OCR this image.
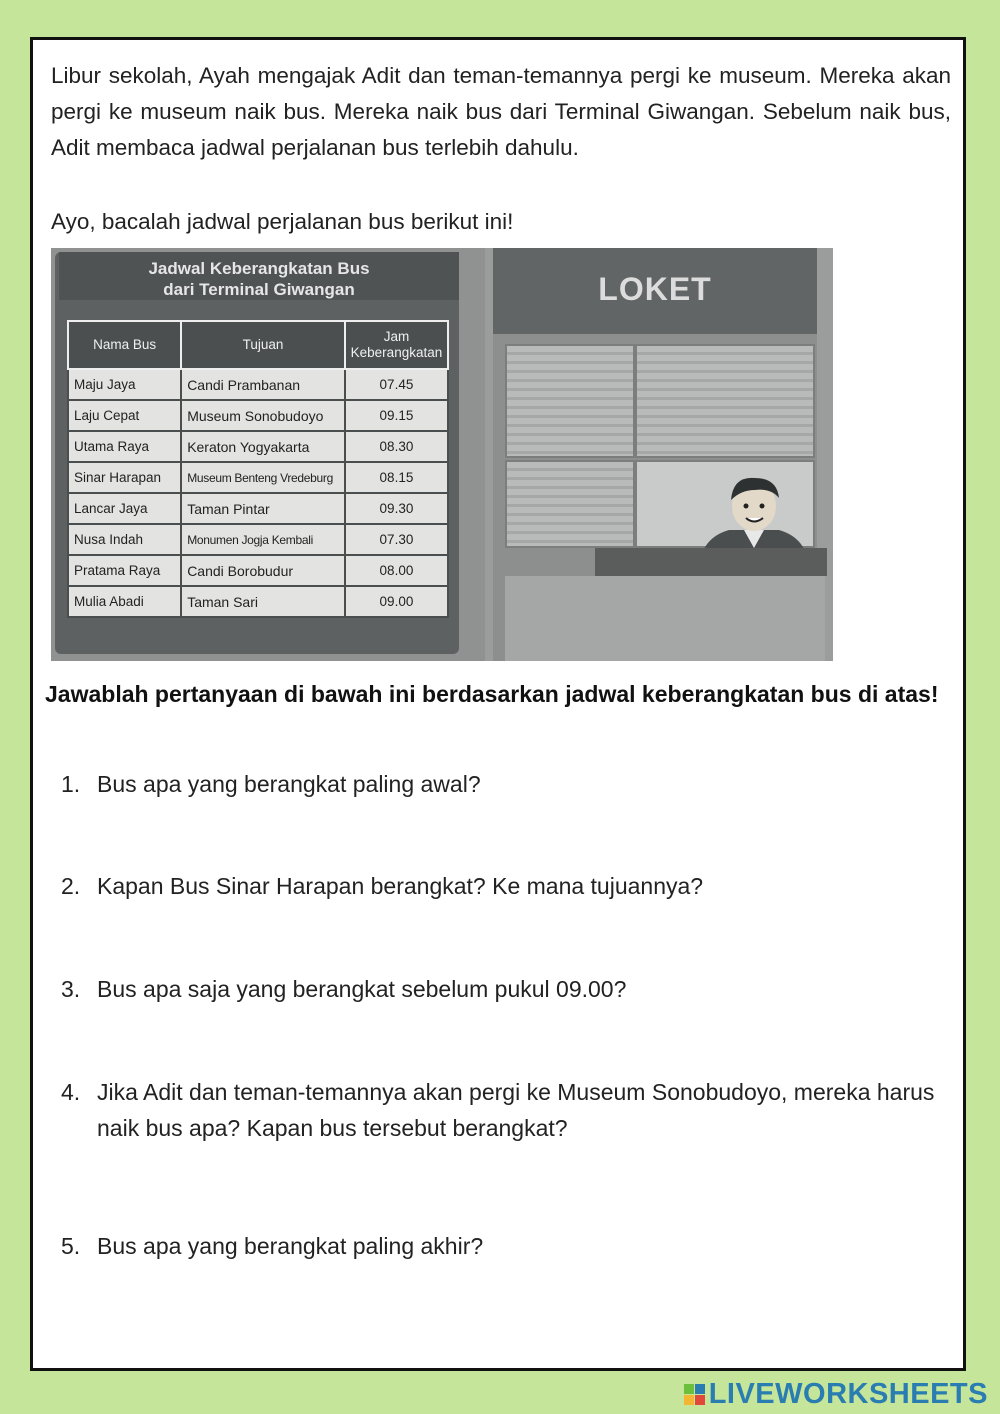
Libur sekolah, Ayah mengajak Adit dan teman-temannya pergi ke museum. Mereka akan pergi ke museum naik bus. Mereka naik bus dari Terminal Giwangan. Sebelum naik bus, Adit membaca jadwal perjalanan bus terlebih dahulu.

Ayo, bacalah jadwal perjalanan bus berikut ini!

Jadwal Keberangkatan Bus
dari Terminal Giwangan
Nama Bus	Tujuan	Jam Keberangkatan
Maju Jaya	Candi Prambanan	07.45
Laju Cepat	Museum Sonobudoyo	09.15
Utama Raya	Keraton Yogyakarta	08.30
Sinar Harapan	Museum Benteng Vredeburg	08.15
Lancar Jaya	Taman Pintar	09.30
Nusa Indah	Monumen Jogja Kembali	07.30
Pratama Raya	Candi Borobudur	08.00
Mulia Abadi	Taman Sari	09.00
LOKET

Jawablah pertanyaan di bawah ini berdasarkan jadwal keberangkatan bus di atas!

1. Bus apa yang berangkat paling awal?
2. Kapan Bus Sinar Harapan berangkat? Ke mana tujuannya?
3. Bus apa saja yang berangkat sebelum pukul 09.00?
4. Jika Adit dan teman-temannya akan pergi ke Museum Sonobudoyo, mereka harus naik bus apa? Kapan bus tersebut berangkat?
5. Bus apa yang berangkat paling akhir?
LIVEWORKSHEETS
